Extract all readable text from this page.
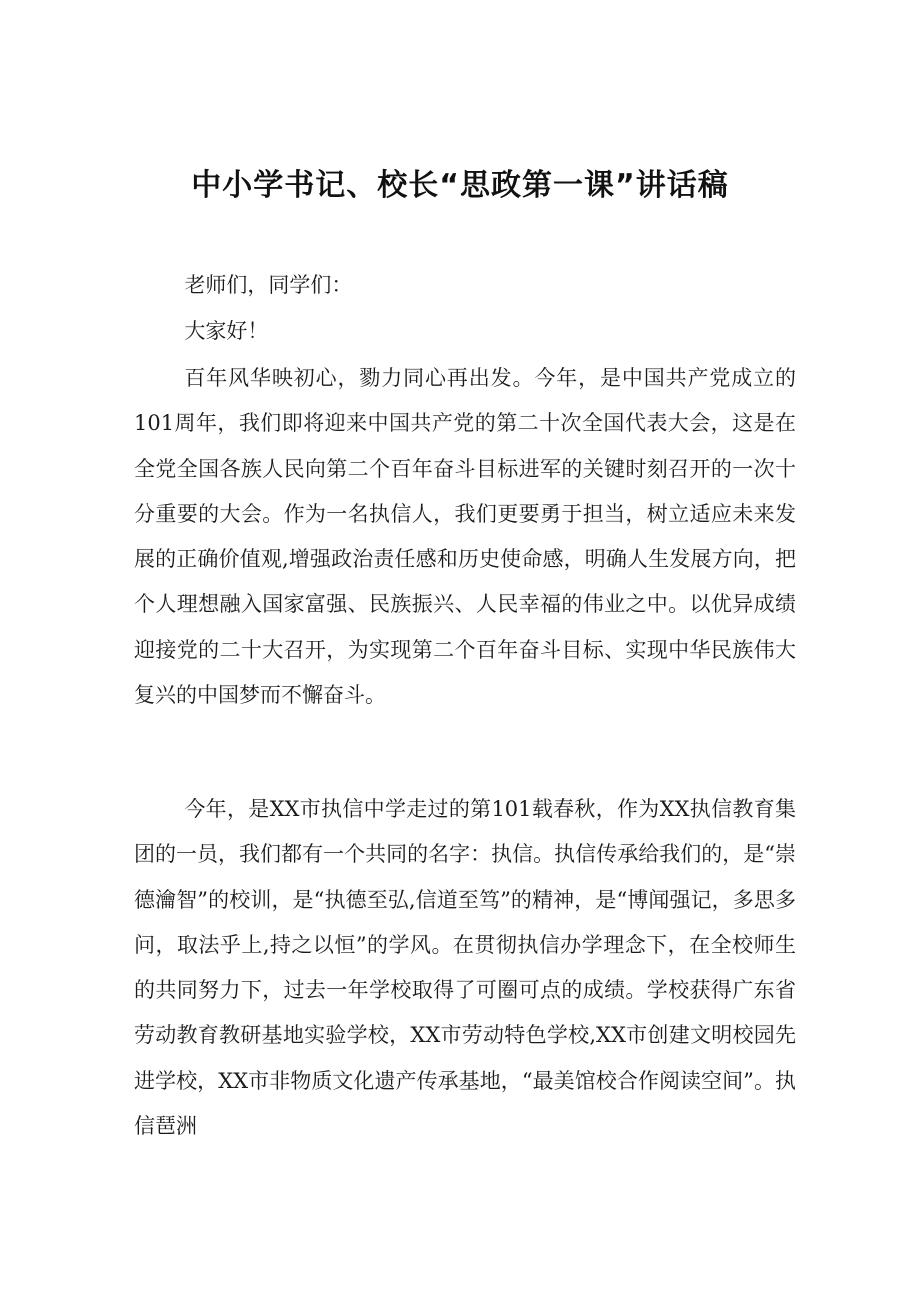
中小学书记、校长“思政第一课”讲话稿

老师们，同学们：

大家好！

百年风华映初心，勠力同心再出发。今年，是中国共产党成立的101周年，我们即将迎来中国共产党的第二十次全国代表大会，这是在全党全国各族人民向第二个百年奋斗目标进军的关键时刻召开的一次十分重要的大会。作为一名执信人，我们更要勇于担当，树立适应未来发展的正确价值观,增强政治责任感和历史使命感，明确人生发展方向，把个人理想融入国家富强、民族振兴、人民幸福的伟业之中。以优异成绩迎接党的二十大召开，为实现第二个百年奋斗目标、实现中华民族伟大复兴的中国梦而不懈奋斗。

今年，是XX市执信中学走过的第101载春秋，作为XX执信教育集团的一员，我们都有一个共同的名字：执信。执信传承给我们的，是“崇德瀹智”的校训，是“执德至弘,信道至笃”的精神，是“博闻强记，多思多问，取法乎上,持之以恒”的学风。在贯彻执信办学理念下，在全校师生的共同努力下，过去一年学校取得了可圈可点的成绩。学校获得广东省劳动教育教研基地实验学校，XX市劳动特色学校,XX市创建文明校园先进学校，XX市非物质文化遗产传承基地，“最美馆校合作阅读空间”。执信琶洲
